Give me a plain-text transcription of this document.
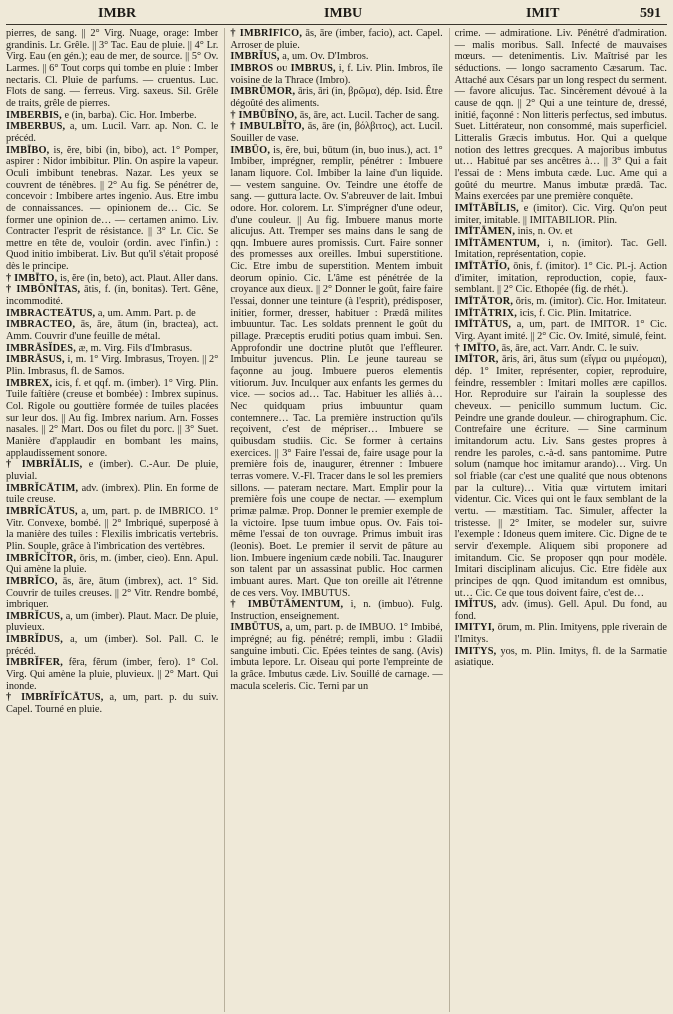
IMBR	IMBU	IMIT	591

pierres, de sang. || 2° Virg. Nuage, orage: Imber grandinis. Lr. Grêle. || 3° Tac. Eau de pluie. || 4° Lr. Virg. Eau (en gén.); eau de mer, de source. || 5° Ov. Larmes. || 6° Tout corps qui tombe en pluie : Imber nectaris. Cl. Pluie de parfums. — cruentus. Luc. Flots de sang. — ferreus. Virg. saxeus. Sil. Grêle de traits, grêle de pierres.

IMBERBIS, e (in, barba). Cic. Hor. Imberbe.

IMBERBUS, a, um. Lucil. Varr. ap. Non. C. le précéd.

IMBĪBO, is, ĕre, bibi (in, bibo), act. 1° Pomper, aspirer : Nidor imbibitur. Plin. On aspire la vapeur. Oculi imbibunt tenebras. Nazar. Les yeux se couvrent de ténèbres. || 2° Au fig. Se pénétrer de, concevoir : Imbibere artes ingenio. Aus. Etre imbu de connaissances. — opinionem de… Cic. Se former une opinion de… — certamen animo. Liv. Contracter l'esprit de résistance. || 3° Lr. Cic. Se mettre en tête de, vouloir (ordin. avec l'infin.) : Quod initio imbiberat. Liv. But qu'il s'était proposé dès le principe.

† IMBĪTO, is, ĕre (in, beto), act. Plaut. Aller dans.

† IMBŌNĪTAS, ātis, f. (in, bonitas). Tert. Gêne, incommodité.

IMBRACTEĀTUS, a, um. Amm. Part. p. de

IMBRACTEO, ās, āre, ātum (in, bractea), act. Amm. Couvrir d'une feuille de métal.

IMBRĀSĬDES, æ, m. Virg. Fils d'Imbrasus.

IMBRĀSUS, i, m. 1° Virg. Imbrasus, Troyen. || 2° Plin. Imbrasus, fl. de Samos.

IMBREX, icis, f. et qqf. m. (imber). 1° Virg. Plin. Tuile faîtière (creuse et bombée) : Imbrex supinus. Col. Rigole ou gouttière formée de tuiles placées sur leur dos. || Au fig. Imbrex narium. Arn. Fosses nasales. || 2° Mart. Dos ou filet du porc. || 3° Suet. Manière d'applaudir en bombant les mains, applaudissement sonore.

† IMBRĬĀLIS, e (imber). C.-Aur. De pluie, pluvial.

IMBRĬCĀTIM, adv. (imbrex). Plin. En forme de tuile creuse.

IMBRĬCĀTUS, a, um, part. p. de IMBRICO. 1° Vitr. Convexe, bombé. || 2° Imbriqué, superposé à la manière des tuiles : Flexilis imbricatis vertebris. Plin. Souple, grâce à l'imbrication des vertèbres.

IMBRĬCĬTOR, ōris, m. (imber, cieo). Enn. Apul. Qui amène la pluie.

IMBRĬCO, ās, āre, ātum (imbrex), act. 1° Sid. Couvrir de tuiles creuses. || 2° Vitr. Rendre bombé, imbriquer.

IMBRĬCUS, a, um (imber). Plaut. Macr. De pluie, pluvieux.

IMBRĬDUS, a, um (imber). Sol. Pall. C. le précéd.

IMBRĬFER, fĕra, fĕrum (imber, fero). 1° Col. Virg. Qui amène la pluie, pluvieux. || 2° Mart. Qui inonde.

† IMBRĬFĬCĀTUS, a, um, part. p. du suiv. Capel. Tourné en pluie.

† IMBRĬFĬCO, ās, āre (imber, facio), act. Capel. Arroser de pluie.

IMBRĬUS, a, um. Ov. D'Imbros.

IMBROS ou IMBRUS, i, f. Liv. Plin. Imbros, île voisine de la Thrace (Imbro).

IMBRŪMOR, āris, āri (in, βρῶμα), dép. Isid. Être dégoûté des aliments.

† IMBŪBĬNO, ās, āre, act. Lucil. Tacher de sang.

† IMBULBĬTO, ās, āre (in, βόλβιτος), act. Lucil. Souiller de vase.

IMBŪO, is, ĕre, bui, būtum (in, buo inus.), act. 1° Imbiber, imprégner, remplir, pénétrer : Imbuere lanam liquore. Col. Imbiber la laine d'un liquide. — vestem sanguine. Ov. Teindre une étoffe de sang. — guttura lacte. Ov. S'abreuver de lait. Imbui odore. Hor. colorem. Lr. S'imprégner d'une odeur, d'une couleur. || Au fig. Imbuere manus morte alicujus. Att. Tremper ses mains dans le sang de qqn. Imbuere aures promissis. Curt. Faire sonner des promesses aux oreilles. Imbui superstitione. Cic. Etre imbu de superstition. Mentem imbuit deorum opinio. Cic. L'âme est pénétrée de la croyance aux dieux. || 2° Donner le goût, faire faire l'essai, donner une teinture (à l'esprit), prédisposer, initier, former, dresser, habituer : Prædâ milites imbuuntur. Tac. Les soldats prennent le goût du pillage. Præceptis eruditi potius quam imbui. Sen. Approfondir une doctrine plutôt que l'effleurer. Imbuitur juvencus. Plin. Le jeune taureau se façonne au joug. Imbuere pueros elementis vitiorum. Juv. Inculquer aux enfants les germes du vice. — socios ad… Tac. Habituer les alliés à… Nec quidquam prius imbuuntur quam contemnere… Tac. La première instruction qu'ils reçoivent, c'est de mépriser… Imbuere se quibusdam studiis. Cic. Se former à certains exercices. || 3° Faire l'essai de, faire usage pour la première fois de, inaugurer, étrenner : Imbuere terras vomere. V.-Fl. Tracer dans le sol les premiers sillons. — pateram nectare. Mart. Emplir pour la première fois une coupe de nectar. — exemplum primæ palmæ. Prop. Donner le premier exemple de la victoire. Ipse tuum imbue opus. Ov. Fais toi-même l'essai de ton ouvrage. Primus imbuit iras (leonis). Boet. Le premier il servit de pâture au lion. Imbuere ingenium cæde nobili. Tac. Inaugurer son talent par un assassinat public. Hoc carmen imbuant aures. Mart. Que ton oreille ait l'étrenne de ces vers. Voy. IMBUTUS.

† IMBŪTĀMENTUM, i, n. (imbuo). Fulg. Instruction, enseignement.

IMBŪTUS, a, um, part. p. de IMBUO. 1° Imbibé, imprégné; au fig. pénétré; rempli, imbu : Gladii sanguine imbuti. Cic. Epées teintes de sang. (Avis) imbuta lepore. Lr. Oiseau qui porte l'empreinte de la grâce. Imbutus cæde. Liv. Souillé de carnage. — macula sceleris. Cic. Terni par un

crime. — admiratione. Liv. Pénétré d'admiration. — malis moribus. Sall. Infecté de mauvaises mœurs. — detenimentis. Liv. Maîtrisé par les séductions. — longo sacramento Cæsarum. Tac. Attaché aux Césars par un long respect du serment. — favore alicujus. Tac. Sincèrement dévoué à la cause de qqn. || 2° Qui a une teinture de, dressé, initié, façonné : Non litteris perfectus, sed imbutus. Suet. Littérateur, non consommé, mais superficiel. Litteralis Græcis imbutus. Hor. Qui a quelque notion des lettres grecques. A majoribus imbutus ut… Habitué par ses ancêtres à… || 3° Qui a fait l'essai de : Mens imbuta cæde. Luc. Ame qui a goûté du meurtre. Manus imbutæ prædâ. Tac. Mains exercées par une première conquête.

IMĪTĀBĬLIS, e (imitor). Cic. Virg. Qu'on peut imiter, imitable. || IMITABILIOR. Plin.

IMĪTĀMEN, inis, n. Ov. et

IMĪTĀMENTUM, i, n. (imitor). Tac. Gell. Imitation, représentation, copie.

IMĪTĀTĬO, ōnis, f. (imitor). 1° Cic. Pl.-j. Action d'imiter, imitation, reproduction, copie, faux-semblant. || 2° Cic. Ethopée (fig. de rhét.).

IMĪTĀTOR, ōris, m. (imitor). Cic. Hor. Imitateur.

IMĪTĀTRIX, icis, f. Cic. Plin. Imitatrice.

IMĪTĀTUS, a, um, part. de IMITOR. 1° Cic. Virg. Ayant imité. || 2° Cic. Ov. Imité, simulé, feint.

† IMĪTO, ās, āre, act. Varr. Andr. C. le suiv.

IMĪTOR, āris, āri, ātus sum (εἴγμα ou μιμέομαι), dép. 1° Imiter, représenter, copier, reproduire, feindre, ressembler : Imitari molles ære capillos. Hor. Reproduire sur l'airain la souplesse des cheveux. — penicillo summum luctum. Cic. Peindre une grande douleur. — chirographum. Cic. Contrefaire une écriture. — Sine carminum imitandorum actu. Liv. Sans gestes propres à rendre les paroles, c.-à-d. sans pantomime. Putre solum (namque hoc imitamur arando)… Virg. Un sol friable (car c'est une qualité que nous obtenons par la culture)… Vitia quæ virtutem imitari videntur. Cic. Vices qui ont le faux semblant de la vertu. — mæstitiam. Tac. Simuler, affecter la tristesse. || 2° Imiter, se modeler sur, suivre l'exemple : Idoneus quem imitere. Cic. Digne de te servir d'exemple. Aliquem sibi proponere ad imitandum. Cic. Se proposer qqn pour modèle. Imitari disciplinam alicujus. Cic. Etre fidèle aux principes de qqn. Quod imitandum est omnibus, ut… Cic. Ce que tous doivent faire, c'est de…

IMĬTUS, adv. (imus). Gell. Apul. Du fond, au fond.

IMITYI, ōrum, m. Plin. Imityens, pple riverain de l'Imitys.

IMITYS, yos, m. Plin. Imitys, fl. de la Sarmatie asiatique.
